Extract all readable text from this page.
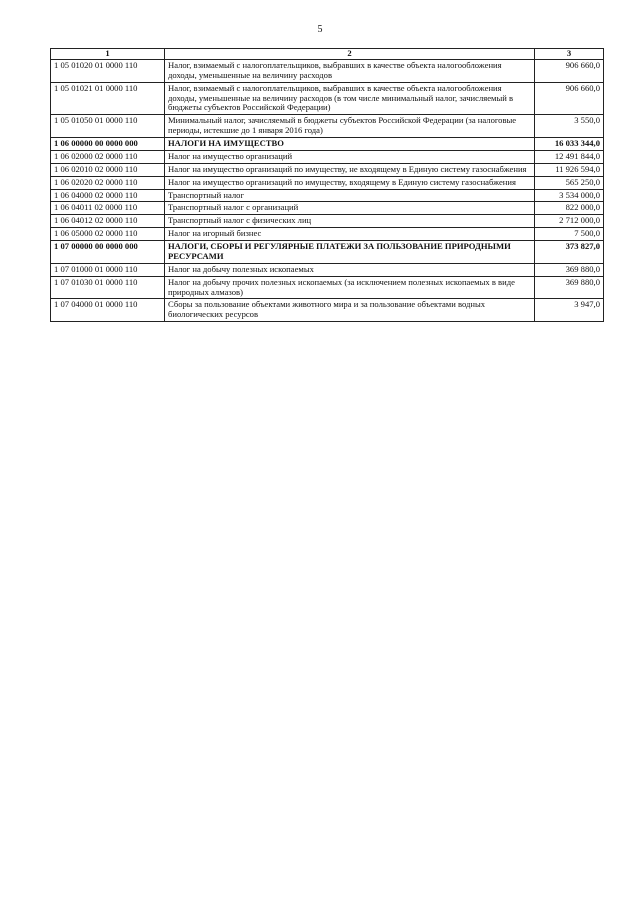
5
1	2	3
1 05 01020 01 0000 110	Налог, взимаемый с налогоплательщиков, выбравших в качестве объекта налогообложения доходы, уменьшенные на величину расходов	906 660,0
1 05 01021 01 0000 110	Налог, взимаемый с налогоплательщиков, выбравших в качестве объекта налогообложения доходы, уменьшенные на величину расходов (в том числе минимальный налог, зачисляемый в бюджеты субъектов Российской Федерации)	906 660,0
1 05 01050 01 0000 110	Минимальный налог, зачисляемый в бюджеты субъектов Российской Федерации (за налоговые периоды, истекшие до 1 января 2016 года)	3 550,0
1 06 00000 00 0000 000	НАЛОГИ НА ИМУЩЕСТВО	16 033 344,0
1 06 02000 02 0000 110	Налог на имущество организаций	12 491 844,0
1 06 02010 02 0000 110	Налог на имущество организаций по имуществу, не входящему в Единую систему газоснабжения	11 926 594,0
1 06 02020 02 0000 110	Налог на имущество организаций по имуществу, входящему в Единую систему газоснабжения	565 250,0
1 06 04000 02 0000 110	Транспортный налог	3 534 000,0
1 06 04011 02 0000 110	Транспортный налог с организаций	822 000,0
1 06 04012 02 0000 110	Транспортный налог с физических лиц	2 712 000,0
1 06 05000 02 0000 110	Налог на игорный бизнес	7 500,0
1 07 00000 00 0000 000	НАЛОГИ, СБОРЫ И РЕГУЛЯРНЫЕ ПЛАТЕЖИ ЗА ПОЛЬЗОВАНИЕ ПРИРОДНЫМИ РЕСУРСАМИ	373 827,0
1 07 01000 01 0000 110	Налог на добычу полезных ископаемых	369 880,0
1 07 01030 01 0000 110	Налог на добычу прочих полезных ископаемых (за исключением полезных ископаемых в виде природных алмазов)	369 880,0
1 07 04000 01 0000 110	Сборы за пользование объектами животного мира и за пользование объектами водных биологических ресурсов	3 947,0
